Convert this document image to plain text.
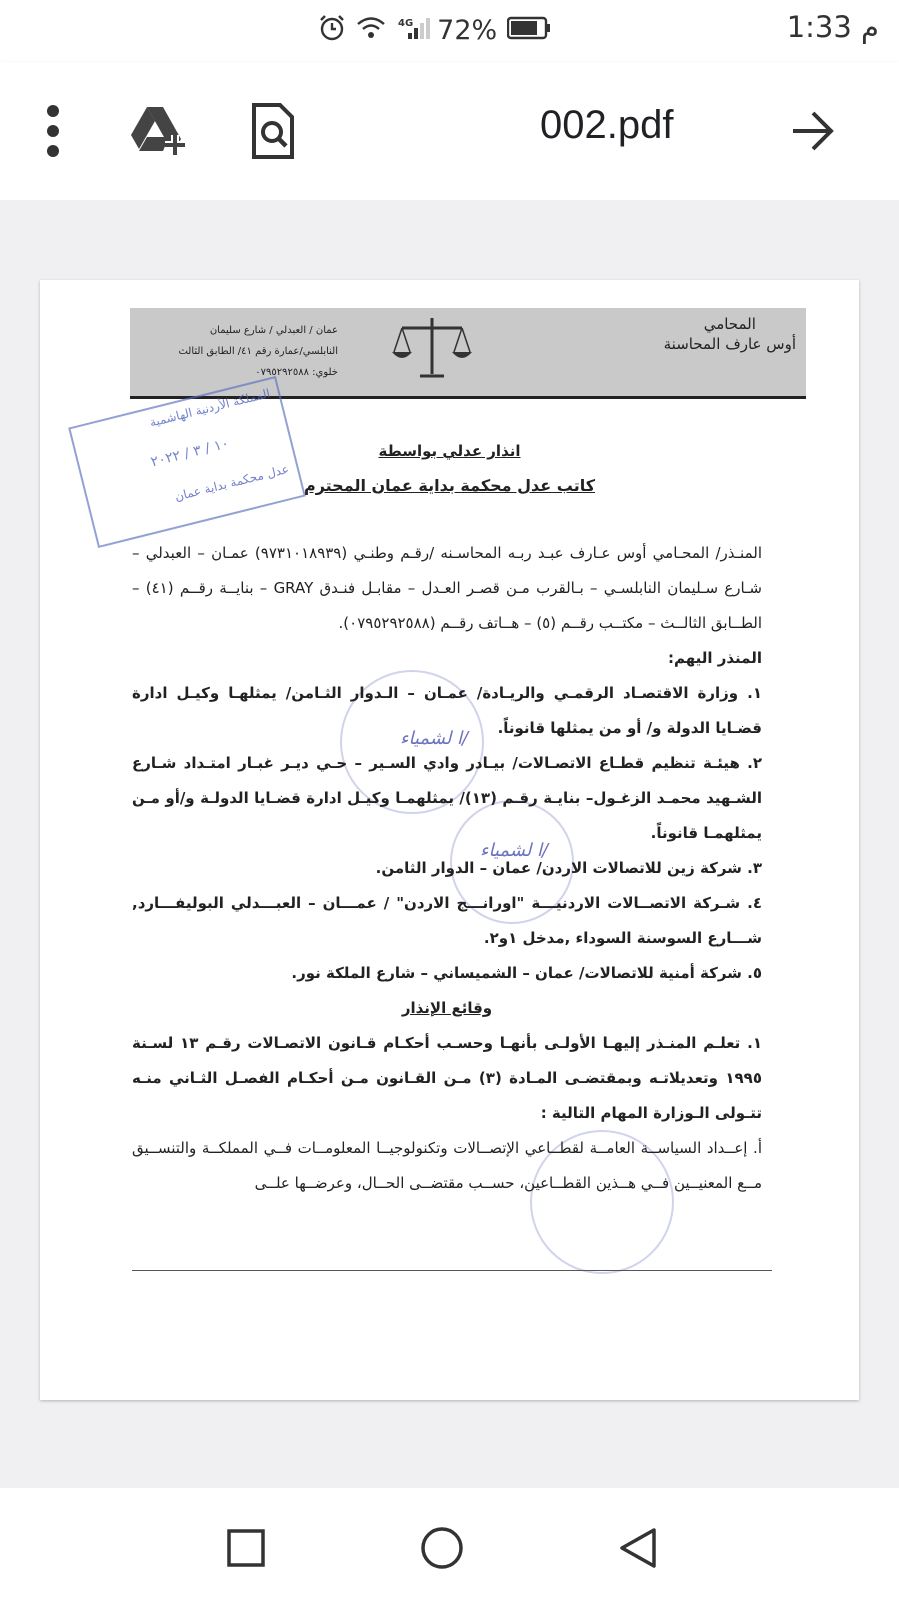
1:33 م
4G 72%
002.pdf
عمان / العبدلي / شارع سليمان
النابلسي/عمارة رقم ٤١/ الطابق الثالث
خلوي: ٠٧٩٥٢٩٢٥٨٨
المحامي
أوس عارف المحاسنة
المملكة الأردنية الهاشمية
١٠ / ٣ / ٢٠٢٢
عدل محكمة بداية عمان
انذار عدلي بواسطة
كاتب عدل محكمة بداية عمان المحترم

المنـذر/ المحـامي أوس عـارف عبـد ربـه المحاسـنه /رقـم وطنـي (٩٧٣١٠١٨٩٣٩) عمـان – العبدلي – شـارع سـليمان النابلسـي – بـالقرب مـن قصـر العـدل – مقابـل فنـدق GRAY – بنايــة رقــم (٤١) – الطــابق الثالــث – مكتــب رقــم (٥) – هــاتف رقــم (٠٧٩٥٢٩٢٥٨٨).

المنذر اليهم:

١. وزارة الاقتصـاد الرقمـي والريـادة/ عمـان – الـدوار الثـامن/ يمثلهـا وكيـل ادارة قضـايا الدولة و/ أو من يمثلها قانوناً.

٢. هيئـة تنظيم قطـاع الاتصـالات/ بيـادر وادي السـير – حـي ديـر غبـار امتـداد شـارع الشـهيد محمـد الزغـول– بنايـة رقـم (١٣)/ يمثلهمـا وكيـل ادارة قضـايا الدولـة و/أو مـن يمثلهمـا قانوناً.

٣. شركة زين للاتصالات الاردن/ عمان – الدوار الثامن.

٤. شـركة الاتصــالات الاردنيـــة "اورانـــج الاردن" / عمـــان – العبـــدلي البوليفـــارد, شـــارع السوسنة السوداء ,مدخل ١و٢.

٥. شركة أمنية للاتصالات/ عمان – الشميساني – شارع الملكة نور.

وقائع الإنذار

١. تعلـم المنـذر إليهـا الأولـى بأنهـا وحسـب أحكـام قـانون الاتصـالات رقـم ١٣ لسـنة ١٩٩٥ وتعديلاتـه وبمقتضـى المـادة (٣) مـن القـانون مـن أحكـام الفصـل الثـاني منـه تتـولى الـوزارة المهام التالية :

أ. إعــداد السياســة العامــة لقطــاعي الإتصــالات وتكنولوجيــا المعلومــات فــي المملكــة والتنســيق مــع المعنيــين فــي هــذين القطــاعين، حســب مقتضــى الحــال، وعرضــها علــى

/ا لشمياء
/ا لشمياء
